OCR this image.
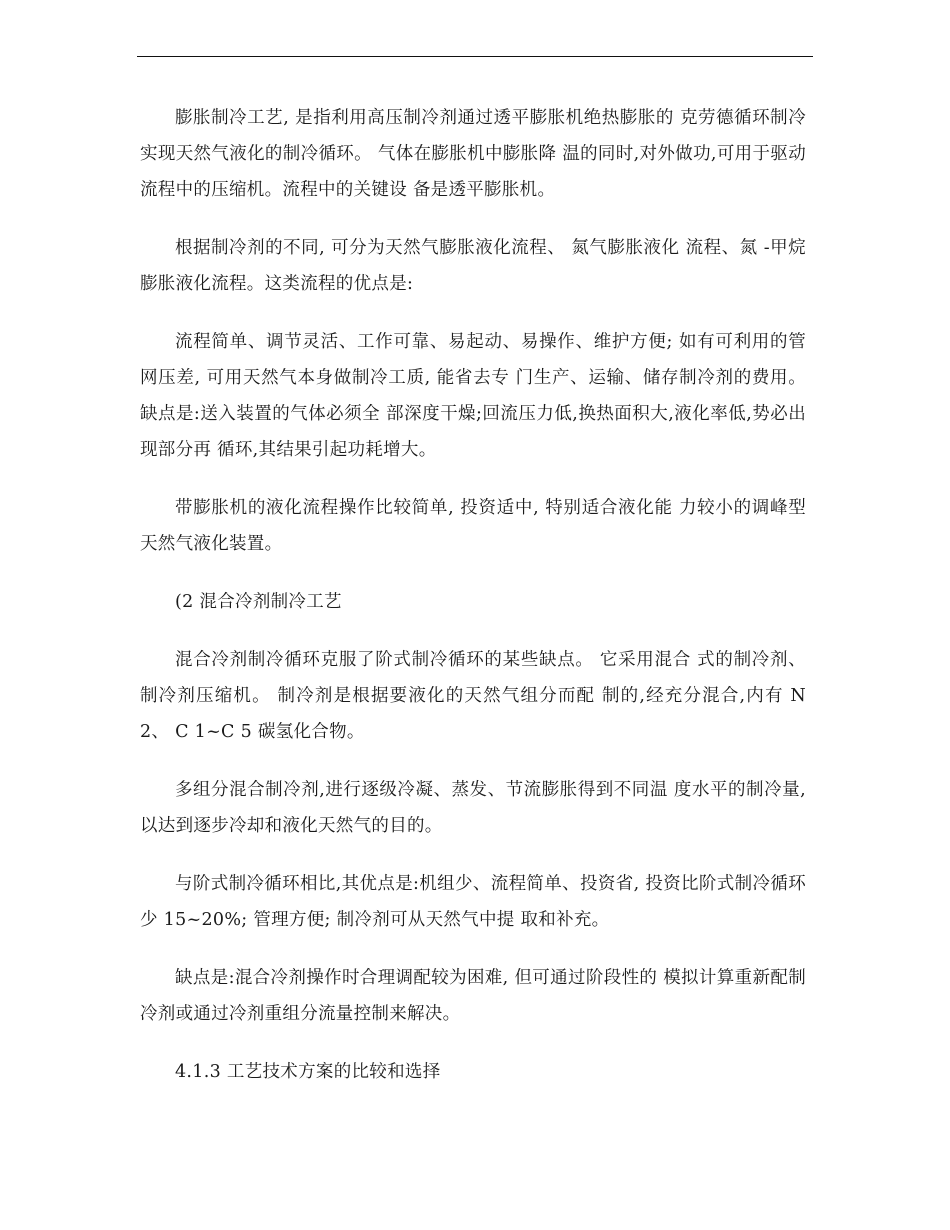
膨胀制冷工艺, 是指利用高压制冷剂通过透平膨胀机绝热膨胀的 克劳德循环制冷实现天然气液化的制冷循环。 气体在膨胀机中膨胀降 温的同时,对外做功,可用于驱动流程中的压缩机。流程中的关键设 备是透平膨胀机。

根据制冷剂的不同, 可分为天然气膨胀液化流程、 氮气膨胀液化 流程、氮 -甲烷膨胀液化流程。这类流程的优点是:

流程简单、调节灵活、工作可靠、易起动、易操作、维护方便; 如有可利用的管网压差, 可用天然气本身做制冷工质, 能省去专 门生产、运输、储存制冷剂的费用。缺点是:送入装置的气体必须全 部深度干燥;回流压力低,换热面积大,液化率低,势必出现部分再 循环,其结果引起功耗增大。

带膨胀机的液化流程操作比较简单, 投资适中, 特别适合液化能 力较小的调峰型天然气液化装置。

(2 混合冷剂制冷工艺

混合冷剂制冷循环克服了阶式制冷循环的某些缺点。 它采用混合 式的制冷剂、 制冷剂压缩机。 制冷剂是根据要液化的天然气组分而配 制的,经充分混合,内有 N 2、 C 1~C 5 碳氢化合物。

多组分混合制冷剂,进行逐级冷凝、蒸发、节流膨胀得到不同温 度水平的制冷量,以达到逐步冷却和液化天然气的目的。

与阶式制冷循环相比,其优点是:机组少、流程简单、投资省, 投资比阶式制冷循环少 15~20%; 管理方便; 制冷剂可从天然气中提 取和补充。

缺点是:混合冷剂操作时合理调配较为困难, 但可通过阶段性的 模拟计算重新配制冷剂或通过冷剂重组分流量控制来解决。

4.1.3 工艺技术方案的比较和选择
